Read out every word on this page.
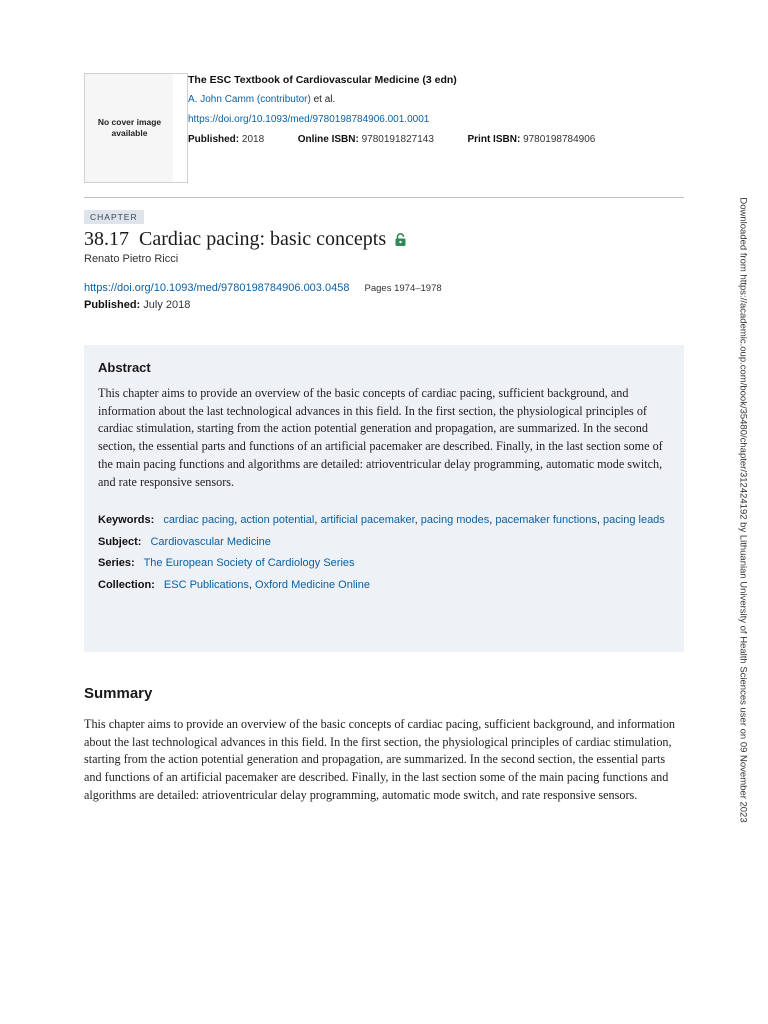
No cover image available
The ESC Textbook of Cardiovascular Medicine (3 edn)
A. John Camm (contributor) et al.
https://doi.org/10.1093/med/9780198784906.001.0001
Published: 2018	Online ISBN: 9780191827143	Print ISBN: 9780198784906
CHAPTER
38.17 Cardiac pacing: basic concepts
Renato Pietro Ricci
https://doi.org/10.1093/med/9780198784906.003.0458 Pages 1974–1978
Published: July 2018
Abstract

This chapter aims to provide an overview of the basic concepts of cardiac pacing, sufficient background, and information about the last technological advances in this field. In the first section, the physiological principles of cardiac stimulation, starting from the action potential generation and propagation, are summarized. In the second section, the essential parts and functions of an artificial pacemaker are described. Finally, in the last section some of the main pacing functions and algorithms are detailed: atrioventricular delay programming, automatic mode switch, and rate responsive sensors.

Keywords: cardiac pacing, action potential, artificial pacemaker, pacing modes, pacemaker functions, pacing leads
Subject: Cardiovascular Medicine
Series: The European Society of Cardiology Series
Collection: ESC Publications, Oxford Medicine Online
Summary

This chapter aims to provide an overview of the basic concepts of cardiac pacing, sufficient background, and information about the last technological advances in this field. In the first section, the physiological principles of cardiac stimulation, starting from the action potential generation and propagation, are summarized. In the second section, the essential parts and functions of an artificial pacemaker are described. Finally, in the last section some of the main pacing functions and algorithms are detailed: atrioventricular delay programming, automatic mode switch, and rate responsive sensors.	Downloaded from https://academic.oup.com/book/35480/chapter/312424192 by Lithuanian University of Health Sciences user on 09 November 2023
